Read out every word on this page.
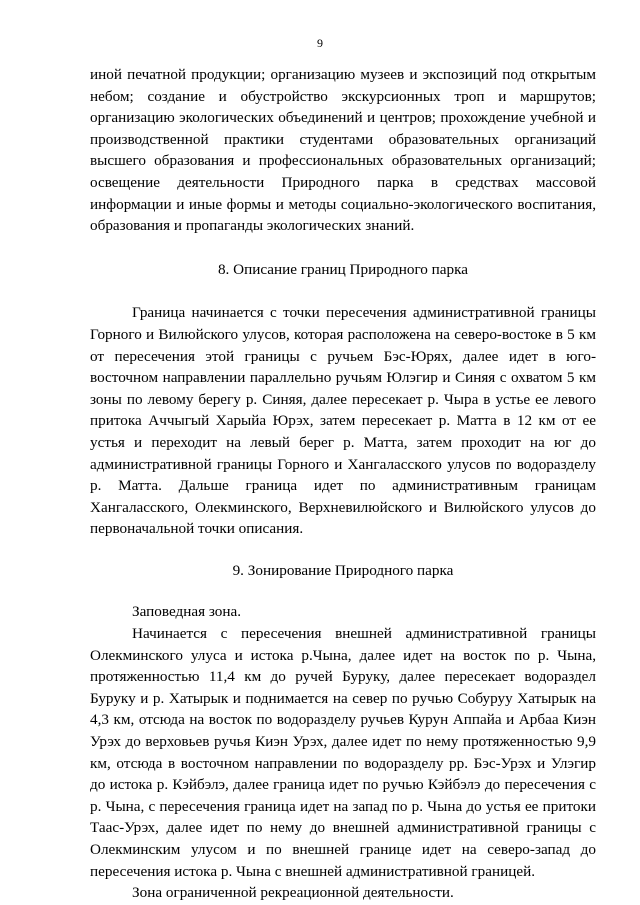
9

иной печатной продукции; организацию музеев и экспозиций под открытым небом; создание и обустройство экскурсионных троп и маршрутов; организацию экологических объединений и центров; прохождение учебной и производственной практики студентами образовательных организаций высшего образования и профессиональных образовательных организаций; освещение деятельности Природного парка в средствах массовой информации и иные формы и методы социально-экологического воспитания, образования и пропаганды экологических знаний.

8. Описание границ Природного парка

Граница начинается с точки пересечения административной границы Горного и Вилюйского улусов, которая расположена на северо-востоке в 5 км от пересечения этой границы с ручьем Бэс-Юрях, далее идет в юго-восточном направлении параллельно ручьям Юлэгир и Синяя с охватом 5 км зоны по левому берегу р. Синяя, далее пересекает р. Чыра в устье ее левого притока Аччыгый Харыйа Юрэх, затем пересекает р. Матта в 12 км от ее устья и переходит на левый берег р. Матта, затем проходит на юг до административной границы Горного и Хангаласского улусов по водоразделу р. Матта. Дальше граница идет по административным границам Хангаласского, Олекминского, Верхневилюйского и Вилюйского улусов до первоначальной точки описания.

9. Зонирование Природного парка

Заповедная зона.

Начинается с пересечения внешней административной границы Олекминского улуса и истока р.Чына, далее идет на восток по р. Чына, протяженностью 11,4 км до ручей Буруку, далее пересекает водораздел Буруку и р. Хатырык и поднимается на север по ручью Собуруу Хатырык на 4,3 км, отсюда на восток по водоразделу ручьев Курун Аппайа и Арбаа Киэн Урэх до верховьев ручья Киэн Урэх, далее идет по нему протяженностью 9,9 км, отсюда в восточном направлении по водоразделу рр. Бэс-Урэх и Улэгир до истока р. Кэйбэлэ, далее граница идет по ручью Кэйбэлэ до пересечения с р. Чына, с пересечения граница идет на запад по р. Чына до устья ее притоки Таас-Урэх, далее идет по нему до внешней административной границы с Олекминским улусом и по внешней границе идет на северо-запад до пересечения истока р. Чына с внешней административной границей.

Зона ограниченной рекреационной деятельности.
